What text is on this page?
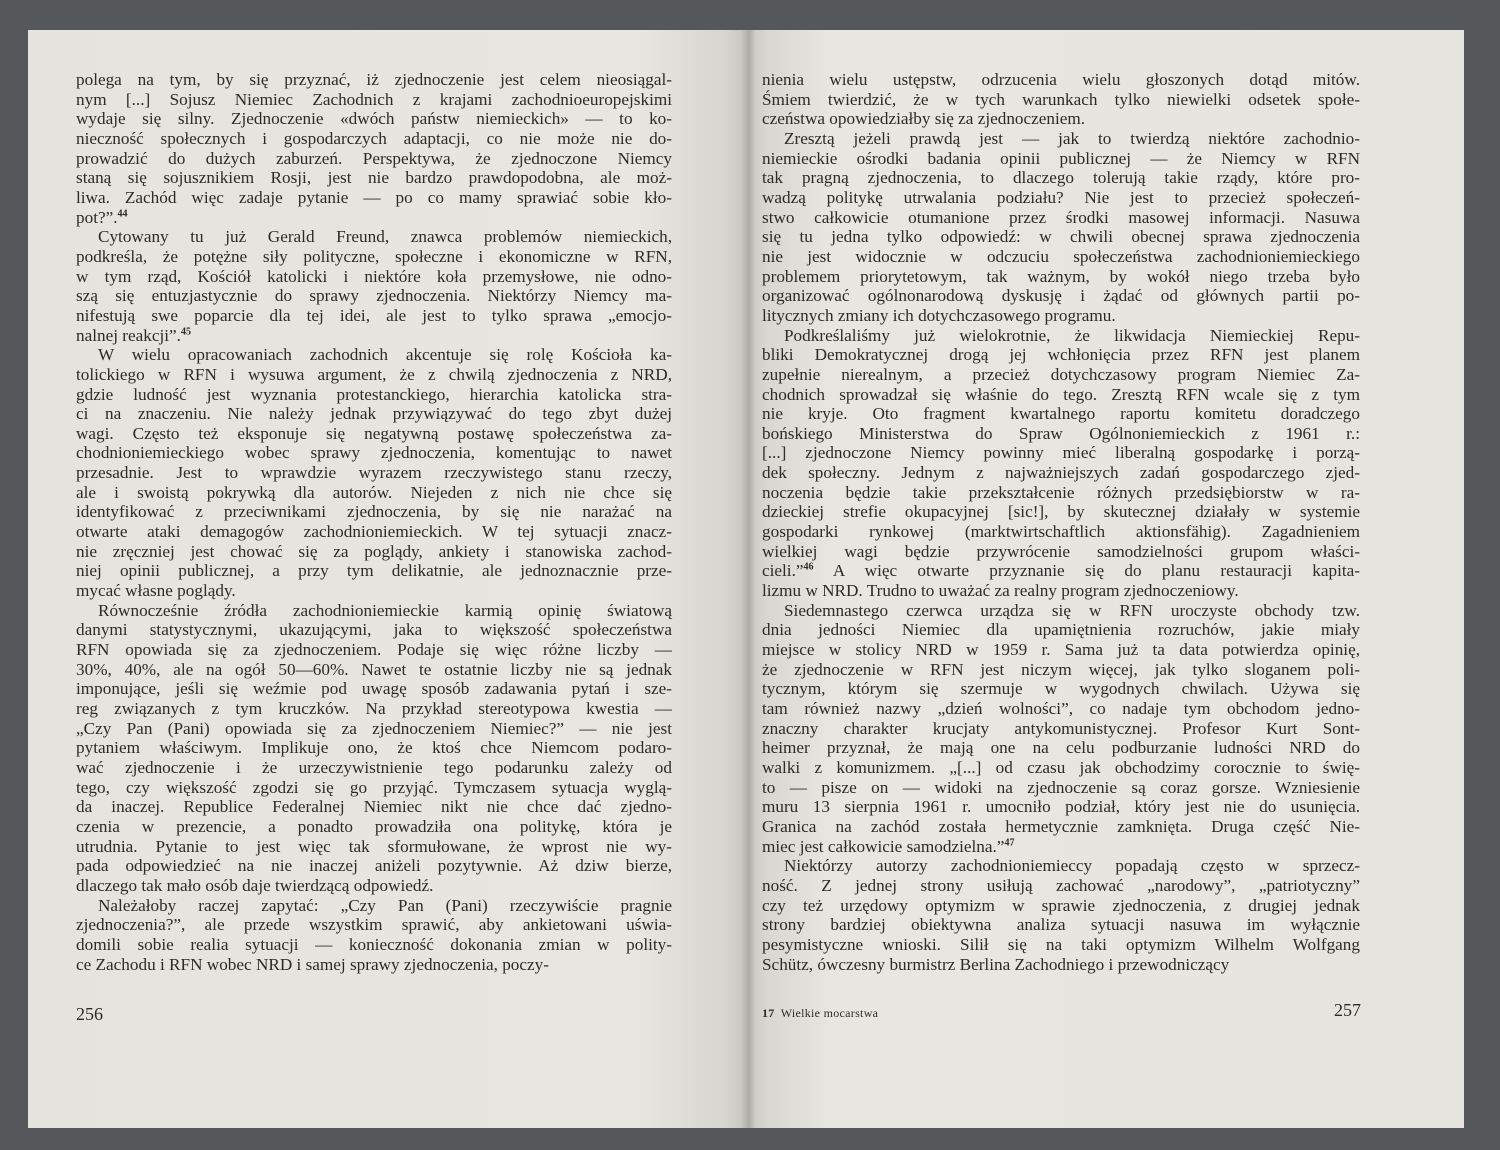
polega na tym, by się przyznać, iż zjednoczenie jest celem nieosiągal-

nym [...] Sojusz Niemiec Zachodnich z krajami zachodnioeuropejskimi

wydaje się silny. Zjednoczenie «dwóch państw niemieckich» — to ko-

nieczność społecznych i gospodarczych adaptacji, co nie może nie do-

prowadzić do dużych zaburzeń. Perspektywa, że zjednoczone Niemcy

staną się sojusznikiem Rosji, jest nie bardzo prawdopodobna, ale moż-

liwa. Zachód więc zadaje pytanie — po co mamy sprawiać sobie kło-

pot?”.$^{44}$

Cytowany tu już Gerald Freund, znawca problemów niemieckich,

podkreśla, że potężne siły polityczne, społeczne i ekonomiczne w RFN,

w tym rząd, Kościół katolicki i niektóre koła przemysłowe, nie odno-

szą się entuzjastycznie do sprawy zjednoczenia. Niektórzy Niemcy ma-

nifestują swe poparcie dla tej idei, ale jest to tylko sprawa „emocjo-

nalnej reakcji”.$^{45}$

W wielu opracowaniach zachodnich akcentuje się rolę Kościoła ka-

tolickiego w RFN i wysuwa argument, że z chwilą zjednoczenia z NRD,

gdzie ludność jest wyznania protestanckiego, hierarchia katolicka stra-

ci na znaczeniu. Nie należy jednak przywiązywać do tego zbyt dużej

wagi. Często też eksponuje się negatywną postawę społeczeństwa za-

chodnioniemieckiego wobec sprawy zjednoczenia, komentując to nawet

przesadnie. Jest to wprawdzie wyrazem rzeczywistego stanu rzeczy,

ale i swoistą pokrywką dla autorów. Niejeden z nich nie chce się

identyfikować z przeciwnikami zjednoczenia, by się nie narażać na

otwarte ataki demagogów zachodnioniemieckich. W tej sytuacji znacz-

nie zręczniej jest chować się za poglądy, ankiety i stanowiska zachod-

niej opinii publicznej, a przy tym delikatnie, ale jednoznacznie prze-

mycać własne poglądy.

Równocześnie źródła zachodnioniemieckie karmią opinię światową

danymi statystycznymi, ukazującymi, jaka to większość społeczeństwa

RFN opowiada się za zjednoczeniem. Podaje się więc różne liczby —

30%, 40%, ale na ogół 50—60%. Nawet te ostatnie liczby nie są jednak

imponujące, jeśli się weźmie pod uwagę sposób zadawania pytań i sze-

reg związanych z tym kruczków. Na przykład stereotypowa kwestia —

„Czy Pan (Pani) opowiada się za zjednoczeniem Niemiec?” — nie jest

pytaniem właściwym. Implikuje ono, że ktoś chce Niemcom podaro-

wać zjednoczenie i że urzeczywistnienie tego podarunku zależy od

tego, czy większość zgodzi się go przyjąć. Tymczasem sytuacja wyglą-

da inaczej. Republice Federalnej Niemiec nikt nie chce dać zjedno-

czenia w prezencie, a ponadto prowadziła ona politykę, która je

utrudnia. Pytanie to jest więc tak sformułowane, że wprost nie wy-

pada odpowiedzieć na nie inaczej aniżeli pozytywnie. Aż dziw bierze,

dlaczego tak mało osób daje twierdzącą odpowiedź.

Należałoby raczej zapytać: „Czy Pan (Pani) rzeczywiście pragnie

zjednoczenia?”, ale przede wszystkim sprawić, aby ankietowani uświa-

domili sobie realia sytuacji — konieczność dokonania zmian w polity-

ce Zachodu i RFN wobec NRD i samej sprawy zjednoczenia, poczy-

nienia wielu ustępstw, odrzucenia wielu głoszonych dotąd mitów.

Śmiem twierdzić, że w tych warunkach tylko niewielki odsetek społe-

czeństwa opowiedziałby się za zjednoczeniem.

Zresztą jeżeli prawdą jest — jak to twierdzą niektóre zachodnio-

niemieckie ośrodki badania opinii publicznej — że Niemcy w RFN

tak pragną zjednoczenia, to dlaczego tolerują takie rządy, które pro-

wadzą politykę utrwalania podziału? Nie jest to przecież społeczeń-

stwo całkowicie otumanione przez środki masowej informacji. Nasuwa

się tu jedna tylko odpowiedź: w chwili obecnej sprawa zjednoczenia

nie jest widocznie w odczuciu społeczeństwa zachodnioniemieckiego

problemem priorytetowym, tak ważnym, by wokół niego trzeba było

organizować ogólnonarodową dyskusję i żądać od głównych partii po-

litycznych zmiany ich dotychczasowego programu.

Podkreślaliśmy już wielokrotnie, że likwidacja Niemieckiej Repu-

bliki Demokratycznej drogą jej wchłonięcia przez RFN jest planem

zupełnie nierealnym, a przecież dotychczasowy program Niemiec Za-

chodnich sprowadzał się właśnie do tego. Zresztą RFN wcale się z tym

nie kryje. Oto fragment kwartalnego raportu komitetu doradczego

bońskiego Ministerstwa do Spraw Ogólnoniemieckich z 1961 r.:

[...] zjednoczone Niemcy powinny mieć liberalną gospodarkę i porzą-

dek społeczny. Jednym z najważniejszych zadań gospodarczego zjed-

noczenia będzie takie przekształcenie różnych przedsiębiorstw w ra-

dzieckiej strefie okupacyjnej [sic!], by skutecznej działały w systemie

gospodarki rynkowej (marktwirtschaftlich aktionsfähig). Zagadnieniem

wielkiej wagi będzie przywrócenie samodzielności grupom właści-

cieli.”$^{46}$ A więc otwarte przyznanie się do planu restauracji kapita-

lizmu w NRD. Trudno to uważać za realny program zjednoczeniowy.

Siedemnastego czerwca urządza się w RFN uroczyste obchody tzw.

dnia jedności Niemiec dla upamiętnienia rozruchów, jakie miały

miejsce w stolicy NRD w 1959 r. Sama już ta data potwierdza opinię,

że zjednoczenie w RFN jest niczym więcej, jak tylko sloganem poli-

tycznym, którym się szermuje w wygodnych chwilach. Używa się

tam również nazwy „dzień wolności”, co nadaje tym obchodom jedno-

znaczny charakter krucjaty antykomunistycznej. Profesor Kurt Sont-

heimer przyznał, że mają one na celu podburzanie ludności NRD do

walki z komunizmem. „[...] od czasu jak obchodzimy corocznie to świę-

to — pisze on — widoki na zjednoczenie są coraz gorsze. Wzniesienie

muru 13 sierpnia 1961 r. umocniło podział, który jest nie do usunięcia.

Granica na zachód została hermetycznie zamknięta. Druga część Nie-

miec jest całkowicie samodzielna.”$^{47}$

Niektórzy autorzy zachodnioniemieccy popadają często w sprzecz-

ność. Z jednej strony usiłują zachować „narodowy”, „patriotyczny”

czy też urzędowy optymizm w sprawie zjednoczenia, z drugiej jednak

strony bardziej obiektywna analiza sytuacji nasuwa im wyłącznie

pesymistyczne wnioski. Silił się na taki optymizm Wilhelm Wolfgang

Schütz, ówczesny burmistrz Berlina Zachodniego i przewodniczący

256	17 Wielkie mocarstwa	257
